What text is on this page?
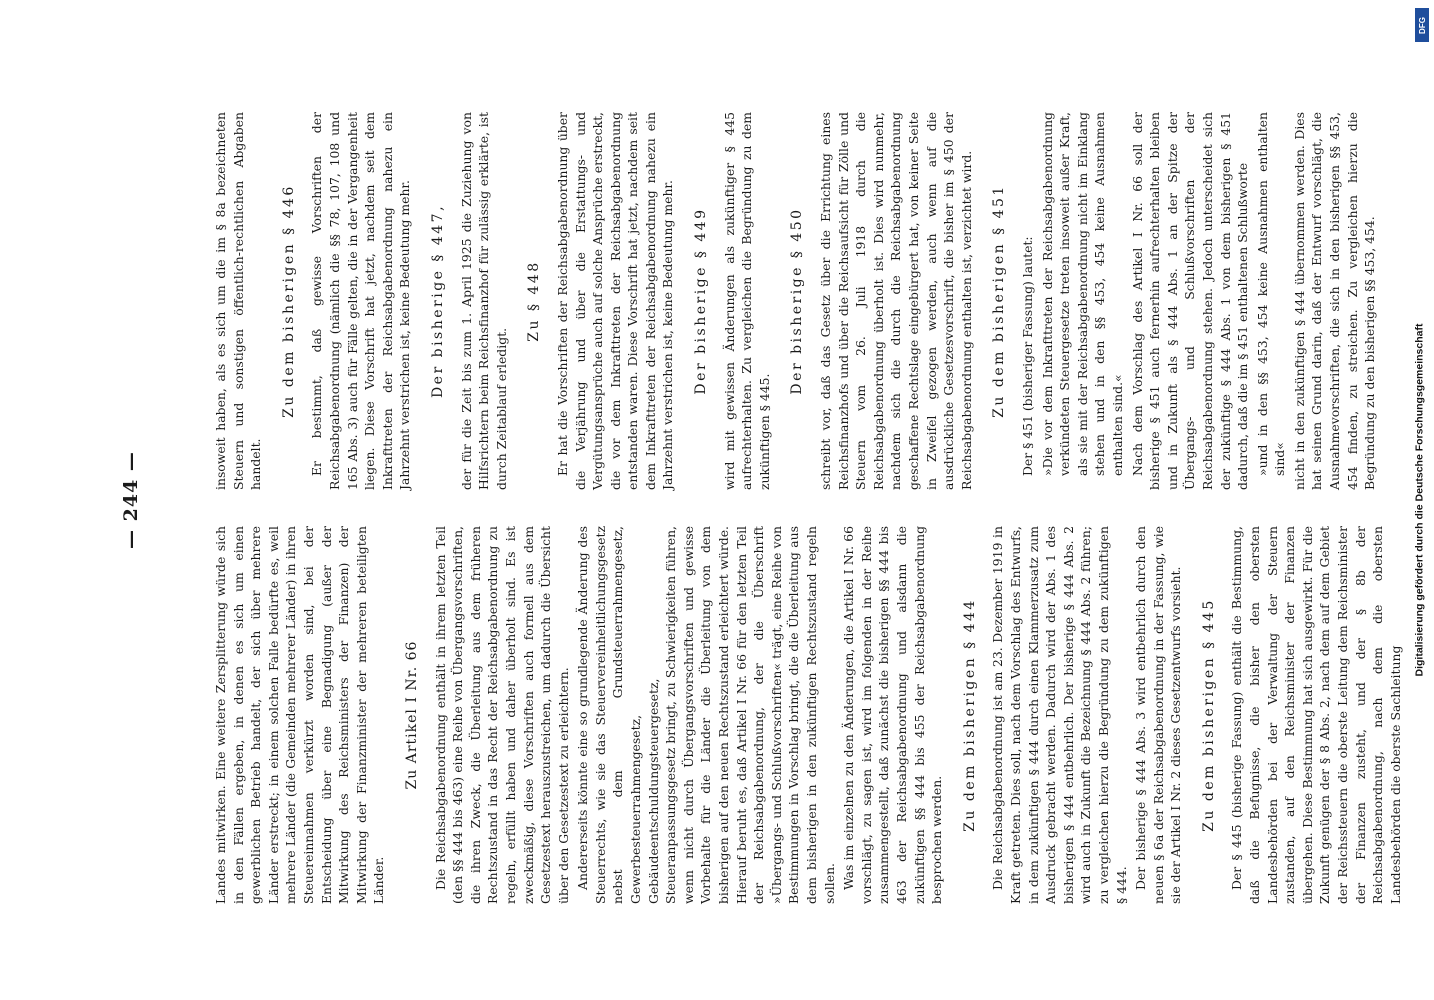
— 244 —

Landes mitwirken. Eine weitere Zersplitterung würde sich in den Fällen ergeben, in denen es sich um einen gewerblichen Betrieb handelt, der sich über mehrere Länder erstreckt; in einem solchen Falle bedürfte es, weil mehrere Länder (die Gemeinden mehrerer Länder) in ihren Steuereinnahmen verkürzt worden sind, bei der Entscheidung über eine Begnadigung (außer der Mitwirkung des Reichsministers der Finanzen) der Mitwirkung der Finanzminister der mehreren beteiligten Länder.

Zu Artikel I Nr. 66 Die Reichsabgabenordnung enthält in ihrem letzten Teil (den §§ 444 bis 463) eine Reihe von Übergangsvorschriften, die ihren Zweck, die Überleitung aus dem früheren Rechtszustand in das Recht der Reichsabgabenordnung zu regeln, erfüllt haben und daher überholt sind. Es ist zweckmäßig, diese Vorschriften auch formell aus dem Gesetzestext herauszustreichen, um dadurch die Übersicht über den Gesetzestext zu erleichtern. Andererseits könnte eine so grundlegende Änderung des Steuerrechts, wie sie das Steuervereinheitlichungsgesetz nebst dem Grundsteuerrahmengesetz, Gewerbesteuerrahmengesetz, Gebäudeentschuldungsteuergesetz, Steueranpassungsgesetz bringt, zu Schwierigkeiten führen, wenn nicht durch Übergangsvorschriften und gewisse Vorbehalte für die Länder die Überleitung von dem bisherigen auf den neuen Rechtszustand erleichtert würde. Hierauf beruht es, daß Artikel I Nr. 66 für den letzten Teil der Reichsabgabenordnung, der die Überschrift »Übergangs- und Schlußvorschriften« trägt, eine Reihe von Bestimmungen in Vorschlag bringt, die die Überleitung aus dem bisherigen in den zukünftigen Rechtszustand regeln sollen. Was im einzelnen zu den Änderungen, die Artikel I Nr. 66 vorschlägt, zu sagen ist, wird im folgenden in der Reihe zusammengestellt, daß zunächst die bisherigen §§ 444 bis 463 der Reichsabgabenordnung und alsdann die zukünftigen §§ 444 bis 455 der Reichsabgabenordnung besprochen werden.

Zu dem bisherigen § 444 Die Reichsabgabenordnung ist am 23. Dezember 1919 in Kraft getreten. Dies soll, nach dem Vorschlag des Entwurfs, in dem zukünftigen § 444 durch einen Klammerzusatz zum Ausdruck gebracht werden. Dadurch wird der Abs. 1 des bisherigen § 444 entbehrlich. Der bisherige § 444 Abs. 2 wird auch in Zukunft die Bezeichnung § 444 Abs. 2 führen; zu vergleichen hierzu die Begründung zu dem zukünftigen § 444. Der bisherige § 444 Abs. 3 wird entbehrlich durch den neuen § 6a der Reichsabgabenordnung in der Fassung, wie sie der Artikel I Nr. 2 dieses Gesetzentwurfs vorsieht. Zu dem bisherigen § 445 Der § 445 (bisherige Fassung) enthält die Bestimmung, daß die Befugnisse, die bisher den obersten Landesbehörden bei der Verwaltung der Steuern zustanden, auf den Reichsminister der Finanzen übergehen. Diese Bestimmung hat sich ausgewirkt. Für die Zukunft genügen der § 8 Abs. 2, nach dem auf dem Gebiet der Reichssteuern die oberste Leitung dem Reichsminister der Finanzen zusteht, und der § 8b der Reichsabgabenordnung, nach dem die obersten Landesbehörden die oberste Sachleitung

insoweit haben, als es sich um die im § 8a bezeichneten Steuern und sonstigen öffentlich-rechtlichen Abgaben handelt.

Zu dem bisherigen § 446 Er bestimmt, daß gewisse Vorschriften der Reichsabgabenordnung (nämlich die §§ 78, 107, 108 und 165 Abs. 3) auch für Fälle gelten, die in der Vergangenheit liegen. Diese Vorschrift hat jetzt, nachdem seit dem Inkrafttreten der Reichsabgabenordnung nahezu ein Jahrzehnt verstrichen ist, keine Bedeutung mehr. Der bisherige § 447, der für die Zeit bis zum 1. April 1925 die Zuziehung von Hilfsrichtern beim Reichsfinanzhof für zulässig erklärte, ist durch Zeitablauf erledigt.

Zu § 448 Er hat die Vorschriften der Reichsabgabenordnung über die Verjährung und über die Erstattungs- und Vergütungsansprüche auch auf solche Ansprüche erstreckt, die vor dem Inkrafttreten der Reichsabgabenordnung entstanden waren. Diese Vorschrift hat jetzt, nachdem seit dem Inkrafttreten der Reichsabgabenordnung nahezu ein Jahrzehnt verstrichen ist, keine Bedeutung mehr. Der bisherige § 449 wird mit gewissen Änderungen als zukünftiger § 445 aufrechterhalten. Zu vergleichen die Begründung zu dem zukünftigen § 445.

Der bisherige § 450 schreibt vor, daß das Gesetz über die Errichtung eines Reichsfinanzhofs und über die Reichsaufsicht für Zölle und Steuern vom 26. Juli 1918 durch die Reichsabgabenordnung überholt ist. Dies wird nunmehr, nachdem sich die durch die Reichsabgabenordnung geschaffene Rechtslage eingebürgert hat, von keiner Seite in Zweifel gezogen werden, auch wenn auf die ausdrückliche Gesetzesvorschrift, die bisher im § 450 der Reichsabgabenordnung enthalten ist, verzichtet wird. Zu dem bisherigen § 451 Der § 451 (bisheriger Fassung) lautet: »Die vor dem Inkrafttreten der Reichsabgabenordnung verkündeten Steuergesetze treten insoweit außer Kraft, als sie mit der Reichsabgabenordnung nicht im Einklang stehen und in den §§ 453, 454 keine Ausnahmen enthalten sind.« Nach dem Vorschlag des Artikel I Nr. 66 soll der bisherige § 451 auch fernerhin aufrechterhalten bleiben und in Zukunft als § 444 Abs. 1 an der Spitze der Übergangs- und Schlußvorschriften der Reichsabgabenordnung stehen. Jedoch unterscheidet sich der zukünftige § 444 Abs. 1 von dem bisherigen § 451 dadurch, daß die im § 451 enthaltenen Schlußworte »und in den §§ 453, 454 keine Ausnahmen enthalten sind« nicht in den zukünftigen § 444 übernommen werden. Dies hat seinen Grund darin, daß der Entwurf vorschlägt, die Ausnahmevorschriften, die sich in den bisherigen §§ 453, 454 finden, zu streichen. Zu vergleichen hierzu die Begründung zu den bisherigen §§ 453, 454.

DFG
Digitalisierung gefördert durch die Deutsche Forschungsgemeinschaft
